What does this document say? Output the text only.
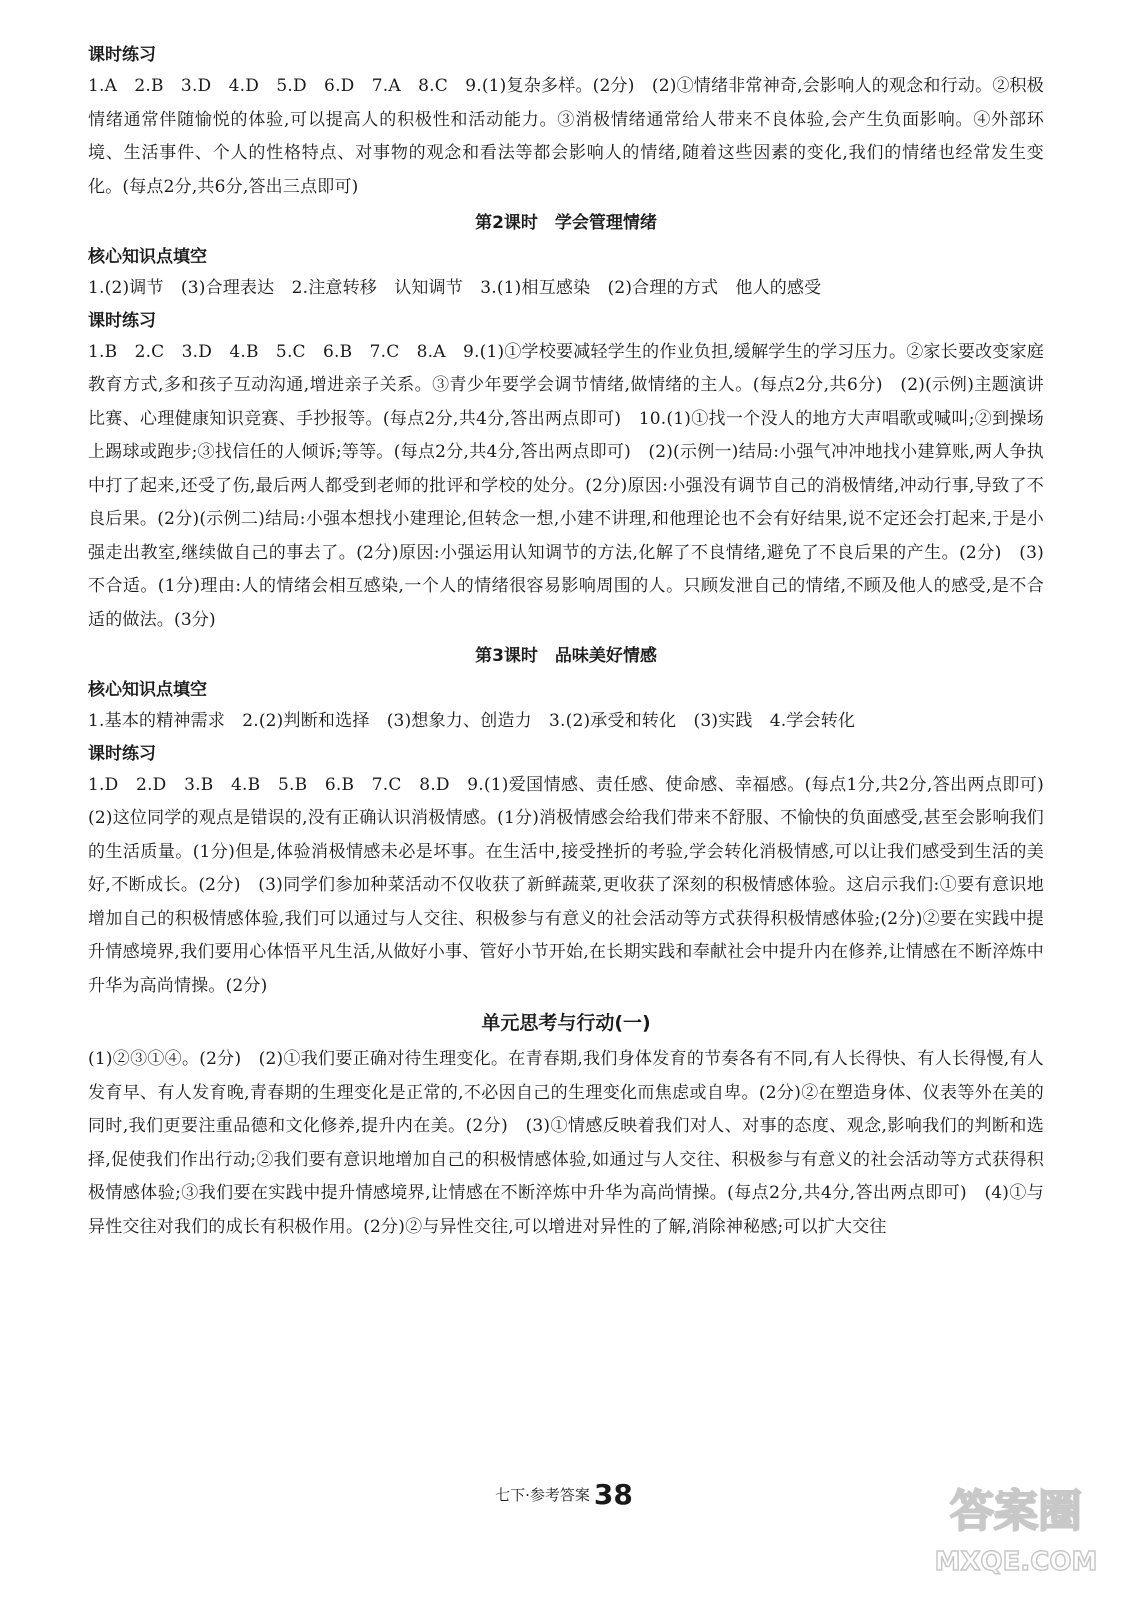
课时练习

1.A　2.B　3.D　4.D　5.D　6.D　7.A　8.C　9.(1)复杂多样。(2分)　(2)①情绪非常神奇,会影响人的观念和行动。②积极情绪通常伴随愉悦的体验,可以提高人的积极性和活动能力。③消极情绪通常给人带来不良体验,会产生负面影响。④外部环境、生活事件、个人的性格特点、对事物的观念和看法等都会影响人的情绪,随着这些因素的变化,我们的情绪也经常发生变化。(每点2分,共6分,答出三点即可)

第2课时　学会管理情绪
核心知识点填空

1.(2)调节　(3)合理表达　2.注意转移　认知调节　3.(1)相互感染　(2)合理的方式　他人的感受

课时练习

1.B　2.C　3.D　4.B　5.C　6.B　7.C　8.A　9.(1)①学校要减轻学生的作业负担,缓解学生的学习压力。②家长要改变家庭教育方式,多和孩子互动沟通,增进亲子关系。③青少年要学会调节情绪,做情绪的主人。(每点2分,共6分)　(2)(示例)主题演讲比赛、心理健康知识竞赛、手抄报等。(每点2分,共4分,答出两点即可)　10.(1)①找一个没人的地方大声唱歌或喊叫;②到操场上踢球或跑步;③找信任的人倾诉;等等。(每点2分,共4分,答出两点即可)　(2)(示例一)结局:小强气冲冲地找小建算账,两人争执中打了起来,还受了伤,最后两人都受到老师的批评和学校的处分。(2分)原因:小强没有调节自己的消极情绪,冲动行事,导致了不良后果。(2分)(示例二)结局:小强本想找小建理论,但转念一想,小建不讲理,和他理论也不会有好结果,说不定还会打起来,于是小强走出教室,继续做自己的事去了。(2分)原因:小强运用认知调节的方法,化解了不良情绪,避免了不良后果的产生。(2分)　(3)不合适。(1分)理由:人的情绪会相互感染,一个人的情绪很容易影响周围的人。只顾发泄自己的情绪,不顾及他人的感受,是不合适的做法。(3分)

第3课时　品味美好情感
核心知识点填空

1.基本的精神需求　2.(2)判断和选择　(3)想象力、创造力　3.(2)承受和转化　(3)实践　4.学会转化

课时练习

1.D　2.D　3.B　4.B　5.B　6.B　7.C　8.D　9.(1)爱国情感、责任感、使命感、幸福感。(每点1分,共2分,答出两点即可)　(2)这位同学的观点是错误的,没有正确认识消极情感。(1分)消极情感会给我们带来不舒服、不愉快的负面感受,甚至会影响我们的生活质量。(1分)但是,体验消极情感未必是坏事。在生活中,接受挫折的考验,学会转化消极情感,可以让我们感受到生活的美好,不断成长。(2分)　(3)同学们参加种菜活动不仅收获了新鲜蔬菜,更收获了深刻的积极情感体验。这启示我们:①要有意识地增加自己的积极情感体验,我们可以通过与人交往、积极参与有意义的社会活动等方式获得积极情感体验;(2分)②要在实践中提升情感境界,我们要用心体悟平凡生活,从做好小事、管好小节开始,在长期实践和奉献社会中提升内在修养,让情感在不断淬炼中升华为高尚情操。(2分)

单元思考与行动(一)

(1)②③①④。(2分)　(2)①我们要正确对待生理变化。在青春期,我们身体发育的节奏各有不同,有人长得快、有人长得慢,有人发育早、有人发育晚,青春期的生理变化是正常的,不必因自己的生理变化而焦虑或自卑。(2分)②在塑造身体、仪表等外在美的同时,我们更要注重品德和文化修养,提升内在美。(2分)　(3)①情感反映着我们对人、对事的态度、观念,影响我们的判断和选择,促使我们作出行动;②我们要有意识地增加自己的积极情感体验,如通过与人交往、积极参与有意义的社会活动等方式获得积极情感体验;③我们要在实践中提升情感境界,让情感在不断淬炼中升华为高尚情操。(每点2分,共4分,答出两点即可)　(4)①与异性交往对我们的成长有积极作用。(2分)②与异性交往,可以增进对异性的了解,消除神秘感;可以扩大交往

七下·参考答案 38	答案圈
MXQE.COM
